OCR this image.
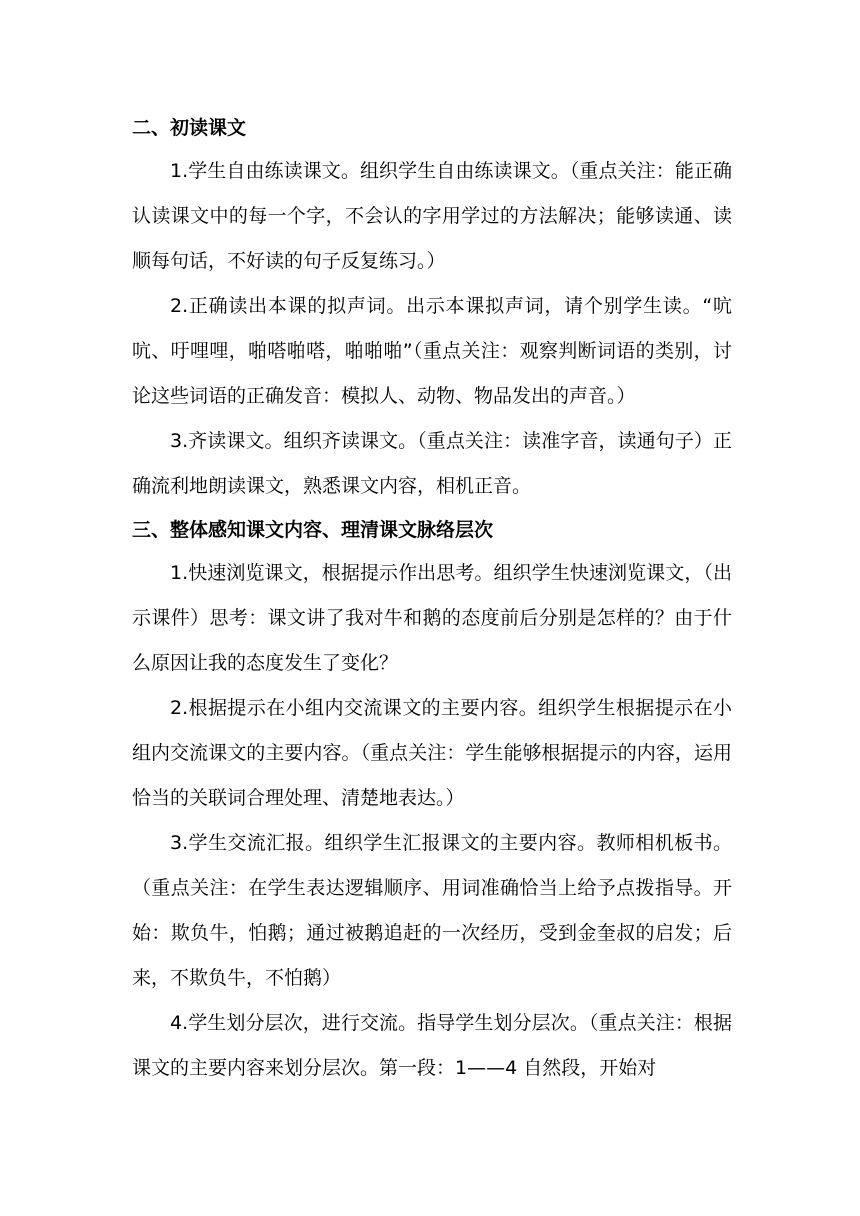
二、初读课文

1.学生自由练读课文。组织学生自由练读课文。（重点关注：能正确认读课文中的每一个字，不会认的字用学过的方法解决；能够读通、读顺每句话，不好读的句子反复练习。）

2.正确读出本课的拟声词。出示本课拟声词，请个别学生读。“吭吭、吁哩哩，啪嗒啪嗒，啪啪啪”（重点关注：观察判断词语的类别，讨论这些词语的正确发音：模拟人、动物、物品发出的声音。）

3.齐读课文。组织齐读课文。（重点关注：读准字音，读通句子）正确流利地朗读课文，熟悉课文内容，相机正音。

三、整体感知课文内容、理清课文脉络层次

1.快速浏览课文，根据提示作出思考。组织学生快速浏览课文，（出示课件）思考：课文讲了我对牛和鹅的态度前后分别是怎样的？由于什么原因让我的态度发生了变化？

2.根据提示在小组内交流课文的主要内容。组织学生根据提示在小组内交流课文的主要内容。（重点关注：学生能够根据提示的内容，运用恰当的关联词合理处理、清楚地表达。）

3.学生交流汇报。组织学生汇报课文的主要内容。教师相机板书。（重点关注：在学生表达逻辑顺序、用词准确恰当上给予点拨指导。开始：欺负牛，怕鹅；通过被鹅追赶的一次经历，受到金奎叔的启发；后来，不欺负牛，不怕鹅）

4.学生划分层次，进行交流。指导学生划分层次。（重点关注：根据课文的主要内容来划分层次。第一段：1——4 自然段，开始对
